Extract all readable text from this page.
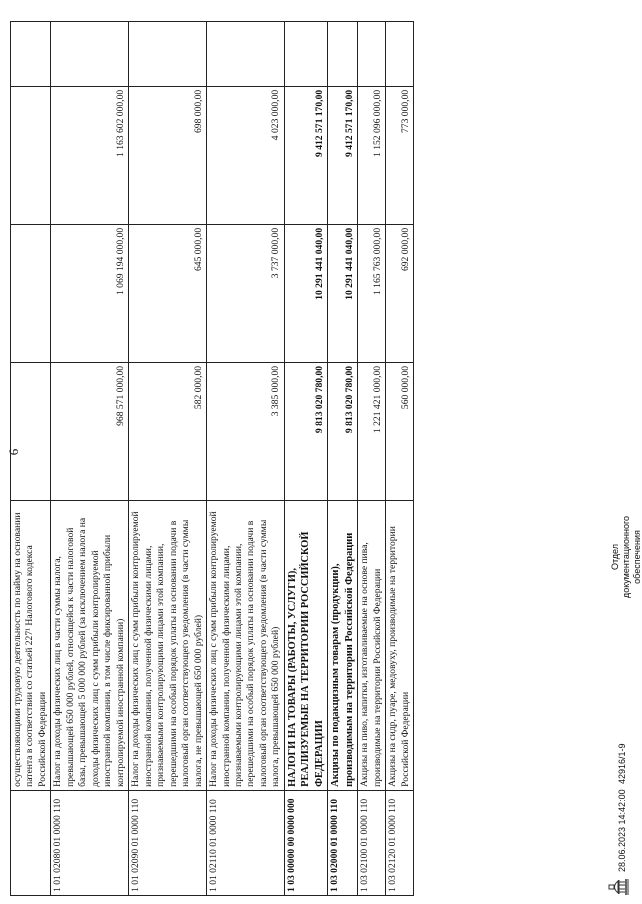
6
	осуществляющими трудовую деятельность по найму на основании патента в соответствии со статьей 227¹ Налогового кодекса Российской Федерации				
1 01 02080 01 0000 110	Налог на доходы физических лиц в части суммы налога, превышающей 650 000 рублей, относящейся к части налоговой базы, превышающей 5 000 000 рублей (за исключением налога на доходы физических лиц с сумм прибыли контролируемой иностранной компании, в том числе фиксированной прибыли контролируемой иностранной компании)	968 571 000,00	1 069 194 000,00	1 163 602 000,00	
1 01 02090 01 0000 110	Налог на доходы физических лиц с сумм прибыли контролируемой иностранной компании, полученной физическими лицами, признаваемыми контролирующими лицами этой компании, перешедшими на особый порядок уплаты на основании подачи в налоговый орган соответствующего уведомления (в части суммы налога, не превышающей 650 000 рублей)	582 000,00	645 000,00	698 000,00	
1 01 02110 01 0000 110	Налог на доходы физических лиц с сумм прибыли контролируемой иностранной компании, полученной физическими лицами, признаваемыми контролирующими лицами этой компании, перешедшими на особый порядок уплаты на основании подачи в налоговый орган соответствующего уведомления (в части суммы налога, превышающей 650 000 рублей)	3 385 000,00	3 737 000,00	4 023 000,00	
1 03 00000 00 0000 000	НАЛОГИ НА ТОВАРЫ (РАБОТЫ, УСЛУГИ), РЕАЛИЗУЕМЫЕ НА ТЕРРИТОРИИ РОССИЙСКОЙ ФЕДЕРАЦИИ	9 813 020 780,00	10 291 441 040,00	9 412 571 170,00	
1 03 02000 01 0000 110	Акцизы по подакцизным товарам (продукции), производимым на территории Российской Федерации	9 813 020 780,00	10 291 441 040,00	9 412 571 170,00	
1 03 02100 01 0000 110	Акцизы на пиво, напитки, изготавливаемые на основе пива, производимые на территории Российской Федерации	1 221 421 000,00	1 165 763 000,00	1 152 096 000,00	
1 03 02120 01 0000 110	Акцизы на сидр, пуаре, медовуху, производимые на территории Российской Федерации	560 000,00	692 000,00	773 000,00	
28.06.2023 14:42:00
42916/1-9
Отдел документационного обеспечения
